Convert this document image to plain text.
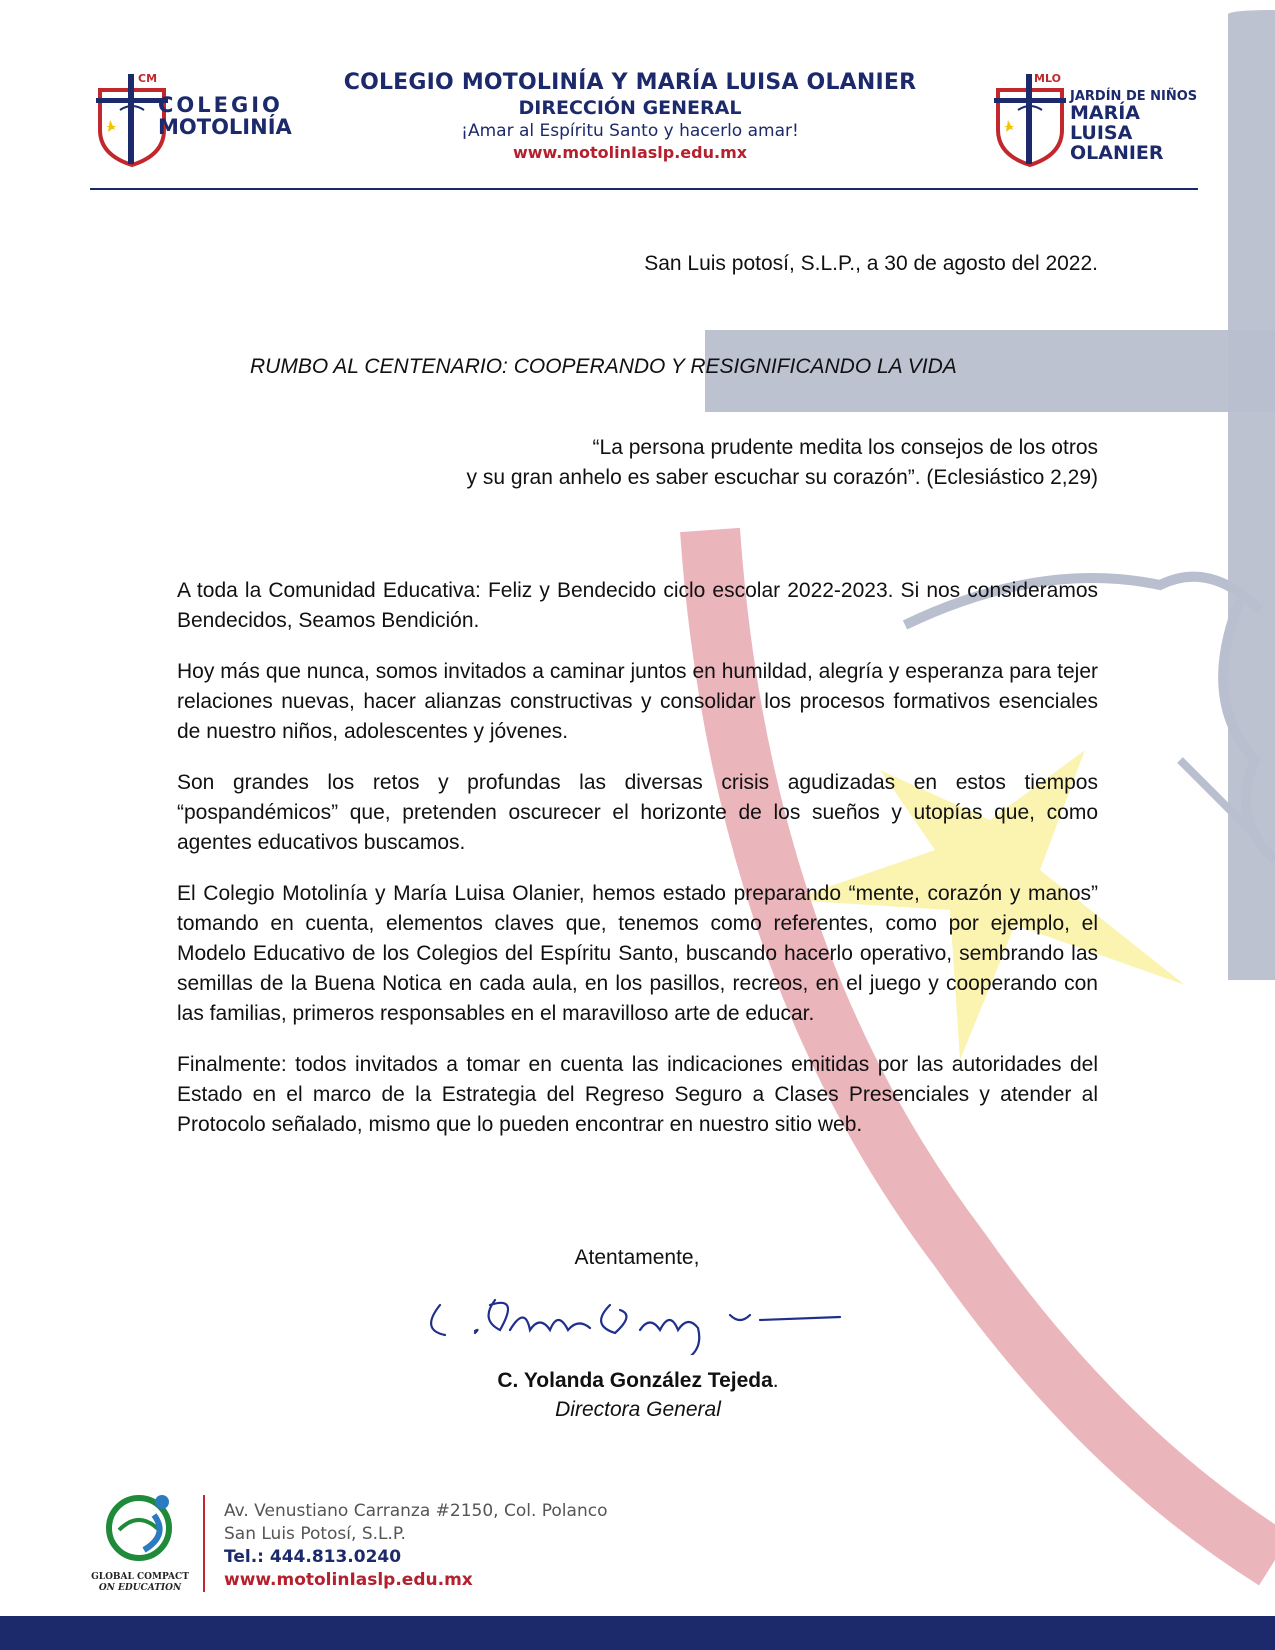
CM
COLEGIO
MOTOLINÍA
COLEGIO MOTOLINÍA Y MARÍA LUISA OLANIER
DIRECCIÓN GENERAL
¡Amar al Espíritu Santo y hacerlo amar!
www.motolinIaslp.edu.mx
MLO
JARDÍN DE NIÑOS
MARÍA LUISA
OLANIER
San Luis potosí, S.L.P., a 30 de agosto del 2022.
RUMBO AL CENTENARIO: COOPERANDO Y RESIGNIFICANDO LA VIDA
“La persona prudente medita los consejos de los otros
y su gran anhelo es saber escuchar su corazón”. (Eclesiástico 2,29)

A toda la Comunidad Educativa: Feliz y Bendecido ciclo escolar 2022-2023. Si nos consideramos Bendecidos, Seamos Bendición.

Hoy más que nunca, somos invitados a caminar juntos en humildad, alegría y esperanza para tejer relaciones nuevas, hacer alianzas constructivas y consolidar los procesos formativos esenciales de nuestro niños, adolescentes y jóvenes.

Son grandes los retos y profundas las diversas crisis agudizadas en estos tiempos “pospandémicos” que, pretenden oscurecer el horizonte de los sueños y utopías que, como agentes educativos buscamos.

El Colegio Motolinía y María Luisa Olanier, hemos estado preparando “mente, corazón y manos” tomando en cuenta, elementos claves que, tenemos como referentes, como por ejemplo, el Modelo Educativo de los Colegios del Espíritu Santo, buscando hacerlo operativo, sembrando las semillas de la Buena Notica en cada aula, en los pasillos, recreos, en el juego y cooperando con las familias, primeros responsables en el maravilloso arte de educar.

Finalmente: todos invitados a tomar en cuenta las indicaciones emitidas por las autoridades del Estado en el marco de la Estrategia del Regreso Seguro a Clases Presenciales y atender al Protocolo señalado, mismo que lo pueden encontrar en nuestro sitio web.

Atentamente,
C. Yolanda González Tejeda.
Directora General
GLOBAL COMPACT
ON EDUCATION
Av. Venustiano Carranza #2150, Col. Polanco
San Luis Potosí, S.L.P.
Tel.: 444.813.0240
www.motolinIaslp.edu.mx
